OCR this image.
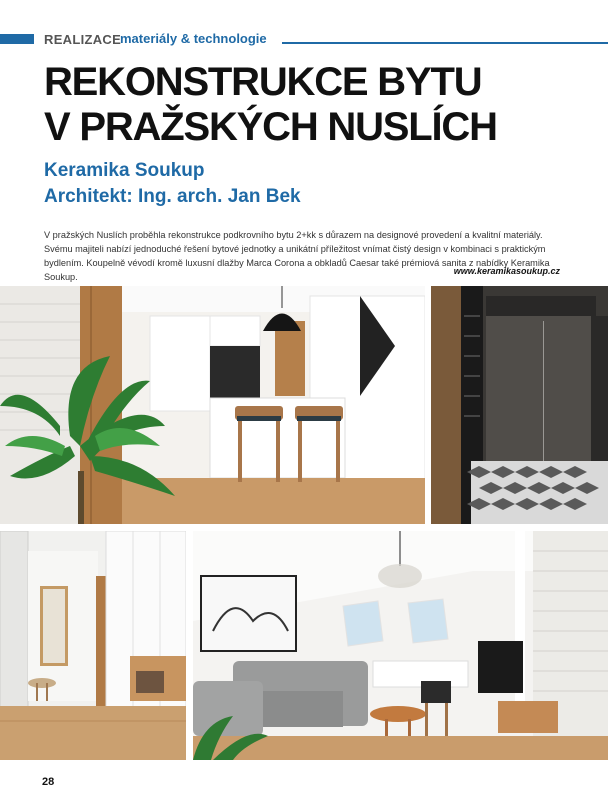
REALIZACE
materiály & technologie
REKONSTRUKCE BYTU
V PRAŽSKÝCH NUSLÍCH
Keramika Soukup
Architekt: Ing. arch. Jan Bek
V pražských Nuslích proběhla rekonstrukce podkrovního bytu 2+kk s důrazem na designové provedení a kvalitní materiály. Svému majiteli nabízí jednoduché řešení bytové jednotky a unikátní příležitost vnímat čistý design v kombinaci s praktickým bydlením. Koupelně vévodí kromě luxusní dlažby Marca Corona a obkladů Caesar také prémiová sanita z nabídky Keramika Soukup.
www.keramikasoukup.cz
28
